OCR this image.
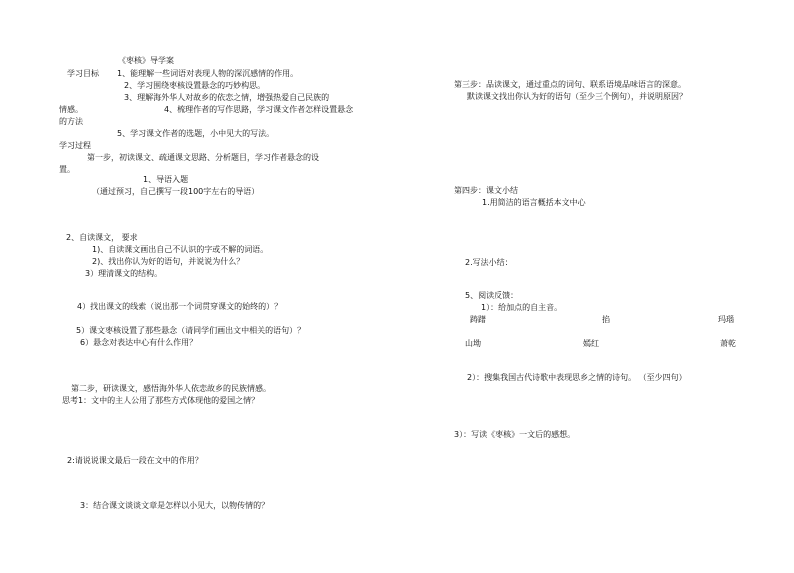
《枣核》导学案
学习目标 1、能理解一些词语对表现人物的深沉感情的作用。
2、学习围绕枣核设置悬念的巧妙构思。
3、理解海外华人对故乡的依恋之情，增强热爱自己民族的
情感。	4、梳理作者的写作思路，学习课文作者怎样设置悬念
的方法
5、学习课文作者的选题，小中见大的写法。
学习过程
第一步，初读课文、疏通课文思路、分析题目，学习作者悬念的设
置。
1、导语入题
（通过预习，自己撰写一段100字左右的导语）
2、自读课文， 要求
1)、自读课文画出自己不认识的字或不解的词语。
2)、找出你认为好的语句，并说说为什么？
3）理清课文的结构。
4）找出课文的线索（说出那一个词贯穿课文的始终的）？
5）课文枣核设置了那些悬念（请同学们画出文中相关的语句）？
6）悬念对表达中心有什么作用？
第二步，研读课文，感悟海外华人依恋故乡的民族情感。
思考1：文中的主人公用了那些方式体现他的爱国之情？
2:请说说课文最后一段在文中的作用？
3：结合课文谈谈文章是怎样以小见大，以物传情的？
第三步：品读课文，通过重点的词句、联系语境品味语言的深意。
默读课文找出你认为好的语句（至少三个例句），并说明原因？
第四步：课文小结
1.用简洁的语言概括本文中心
2.写法小结：
5、阅读反馈：
1）：给加点的自主音。
踌躇	掐	玛瑙
山坳	嫣红	萧乾
2）：搜集我国古代诗歌中表现思乡之情的诗句。 （至少四句）
3）：写读《枣核》一文后的感想。
